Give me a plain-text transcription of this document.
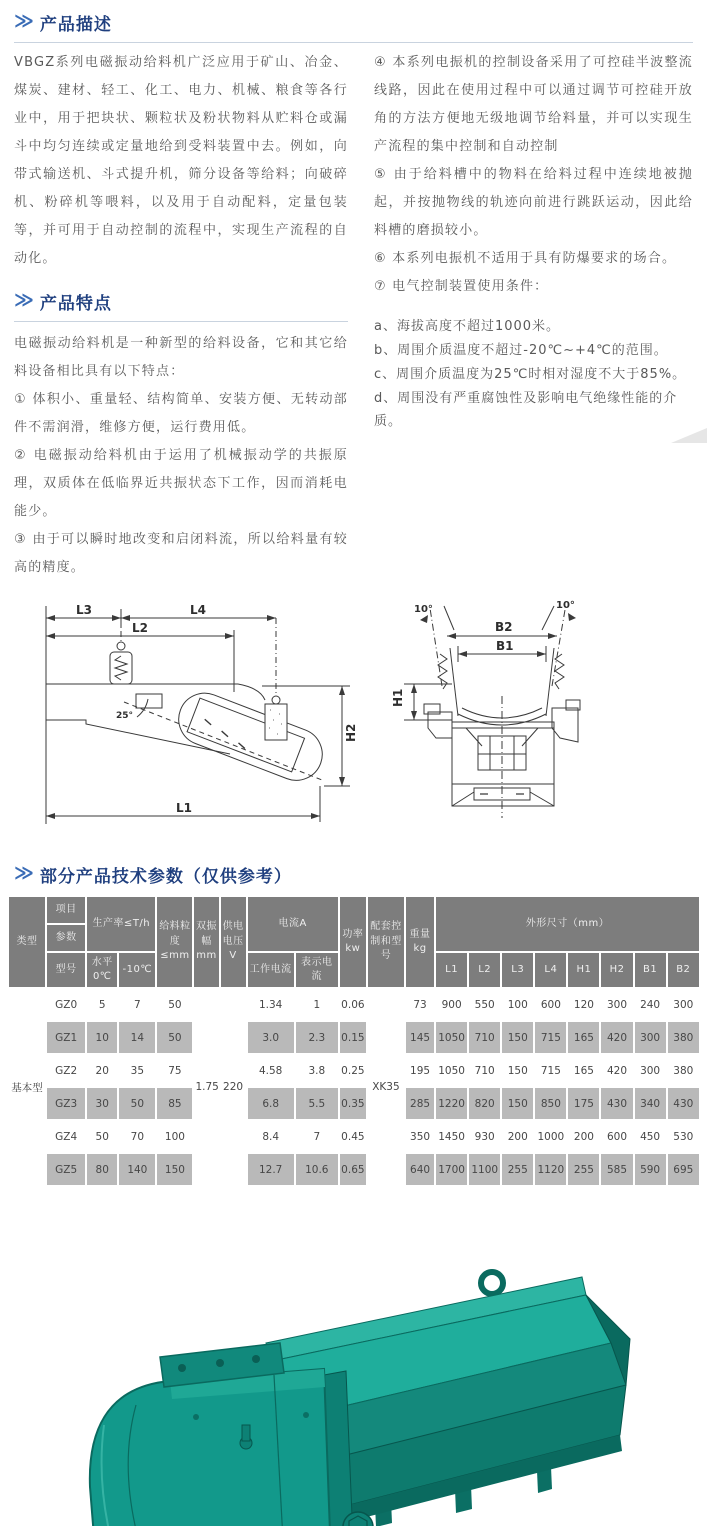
≫ 产品描述

VBGZ系列电磁振动给料机广泛应用于矿山、冶金、煤炭、建材、轻工、化工、电力、机械、粮食等各行业中，用于把块状、颗粒状及粉状物料从贮料仓或漏斗中均匀连续或定量地给到受料装置中去。例如，向带式输送机、斗式提升机，筛分设备等给料；向破碎机、粉碎机等喂料，以及用于自动配料，定量包装等，并可用于自动控制的流程中，实现生产流程的自动化。

≫ 产品特点

电磁振动给料机是一种新型的给料设备，它和其它给料设备相比具有以下特点：

① 体积小、重量轻、结构简单、安装方便、无转动部件不需润滑，维修方便，运行费用低。

② 电磁振动给料机由于运用了机械振动学的共振原理，双质体在低临界近共振状态下工作，因而消耗电能少。

③ 由于可以瞬时地改变和启闭料流，所以给料量有较高的精度。

④ 本系列电振机的控制设备采用了可控硅半波整流线路，因此在使用过程中可以通过调节可控硅开放角的方法方便地无级地调节给料量，并可以实现生产流程的集中控制和自动控制

⑤ 由于给料槽中的物料在给料过程中连续地被抛起，并按抛物线的轨迹向前进行跳跃运动，因此给料槽的磨损较小。

⑥ 本系列电振机不适用于具有防爆要求的场合。

⑦ 电气控制装置使用条件：

a、海拔高度不超过1000米。

b、周围介质温度不超过-20℃~+4℃的范围。

c、周围介质温度为25℃时相对湿度不大于85%。

d、周围没有严重腐蚀性及影响电气绝缘性能的介质。

L3	L4
L2
L1
H2
25°
B2
B1
H1
10°	10°
≫ 部分产品技术参数（仅供参考）
类型	项目	生产率≤T/h		给料粒度≤mm	双振幅mm	供电电压V	电流A		功率kw	配套控制和型号	重量kg	外形尺寸（mm）							
	参数																		
	型号	水平0℃	-10℃				工作电流	表示电流				L1	L2	L3	L4	H1	H2	B1	B2
基本型	GZ0	5	7	50	1.75	220	1.34	1	0.06	XK35	73	900	550	100	600	120	300	240	300
	GZ1	10	14	50			3.0	2.3	0.15		145	1050	710	150	715	165	420	300	380
	GZ2	20	35	75			4.58	3.8	0.25		195	1050	710	150	715	165	420	300	380
	GZ3	30	50	85			6.8	5.5	0.35		285	1220	820	150	850	175	430	340	430
	GZ4	50	70	100			8.4	7	0.45		350	1450	930	200	1000	200	600	450	530
	GZ5	80	140	150			12.7	10.6	0.65		640	1700	1100	255	1120	255	585	590	695
